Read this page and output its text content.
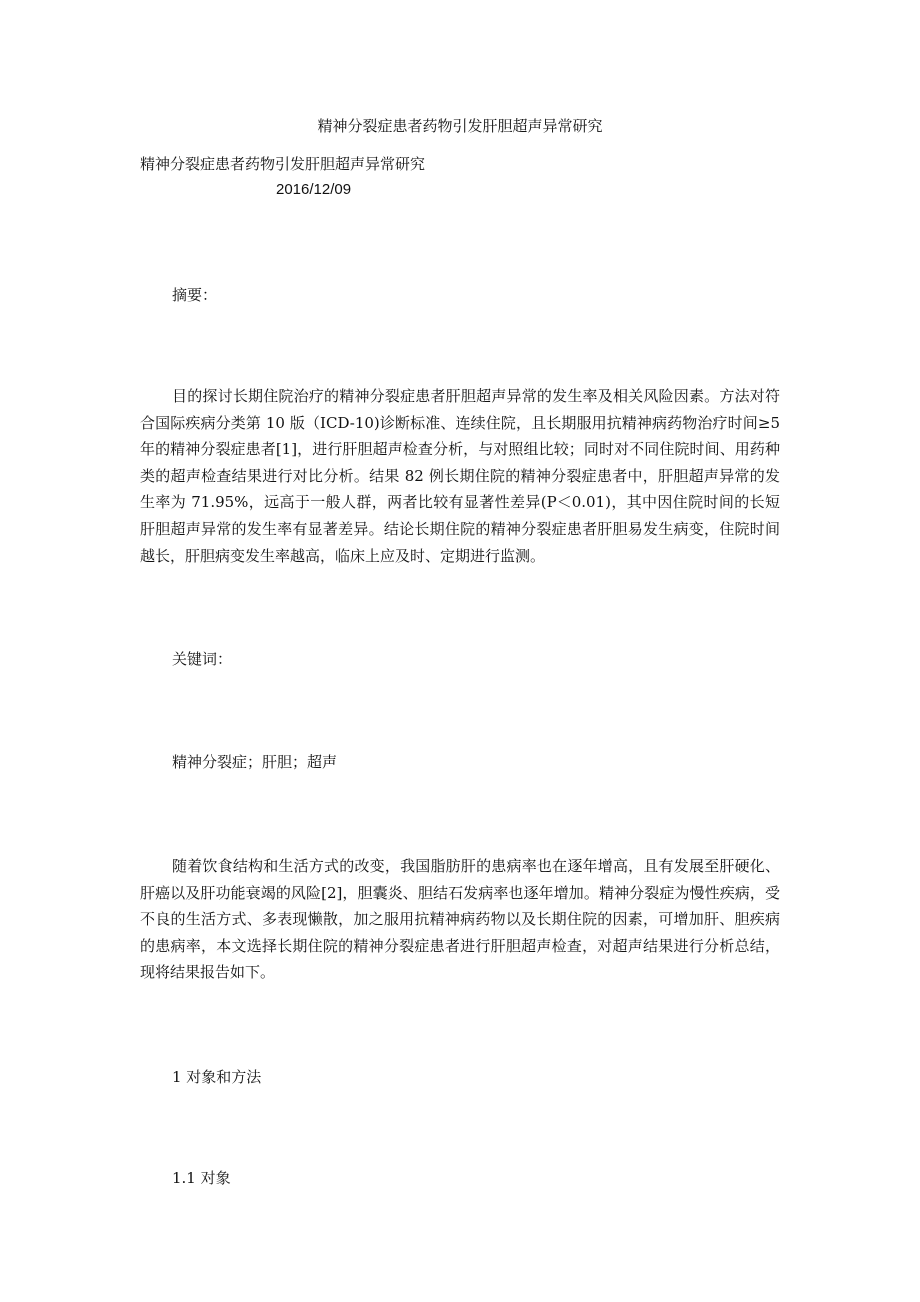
精神分裂症患者药物引发肝胆超声异常研究
精神分裂症患者药物引发肝胆超声异常研究
2016/12/09
摘要：

目的探讨长期住院治疗的精神分裂症患者肝胆超声异常的发生率及相关风险因素。方法对符合国际疾病分类第 10 版（ICD-10)诊断标准、连续住院，且长期服用抗精神病药物治疗时间≥5 年的精神分裂症患者[1]，进行肝胆超声检查分析，与对照组比较；同时对不同住院时间、用药种类的超声检查结果进行对比分析。结果 82 例长期住院的精神分裂症患者中，肝胆超声异常的发生率为 71.95%，远高于一般人群，两者比较有显著性差异(P＜0.01)，其中因住院时间的长短肝胆超声异常的发生率有显著差异。结论长期住院的精神分裂症患者肝胆易发生病变，住院时间越长，肝胆病变发生率越高，临床上应及时、定期进行监测。

关键词：
精神分裂症；肝胆；超声

随着饮食结构和生活方式的改变，我国脂肪肝的患病率也在逐年增高，且有发展至肝硬化、肝癌以及肝功能衰竭的风险[2]，胆囊炎、胆结石发病率也逐年增加。精神分裂症为慢性疾病，受不良的生活方式、多表现懒散，加之服用抗精神病药物以及长期住院的因素，可增加肝、胆疾病的患病率，本文选择长期住院的精神分裂症患者进行肝胆超声检查，对超声结果进行分析总结，现将结果报告如下。

1 对象和方法
1.1 对象
